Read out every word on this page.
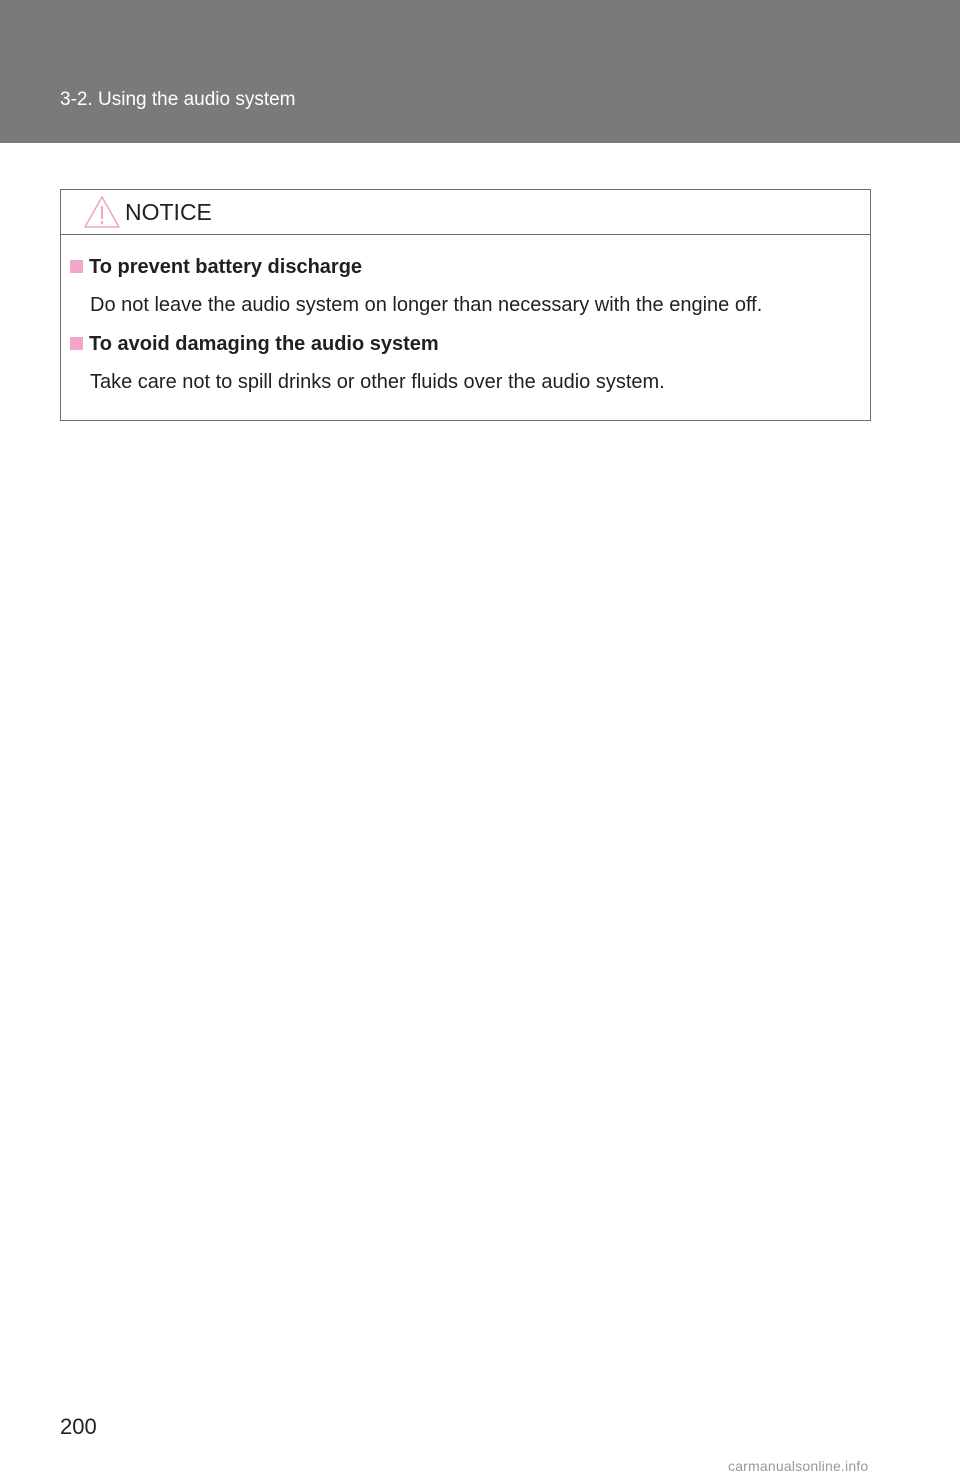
3-2. Using the audio system
NOTICE
To prevent battery discharge
Do not leave the audio system on longer than necessary with the engine off.
To avoid damaging the audio system
Take care not to spill drinks or other fluids over the audio system.
200
carmanualsonline.info
